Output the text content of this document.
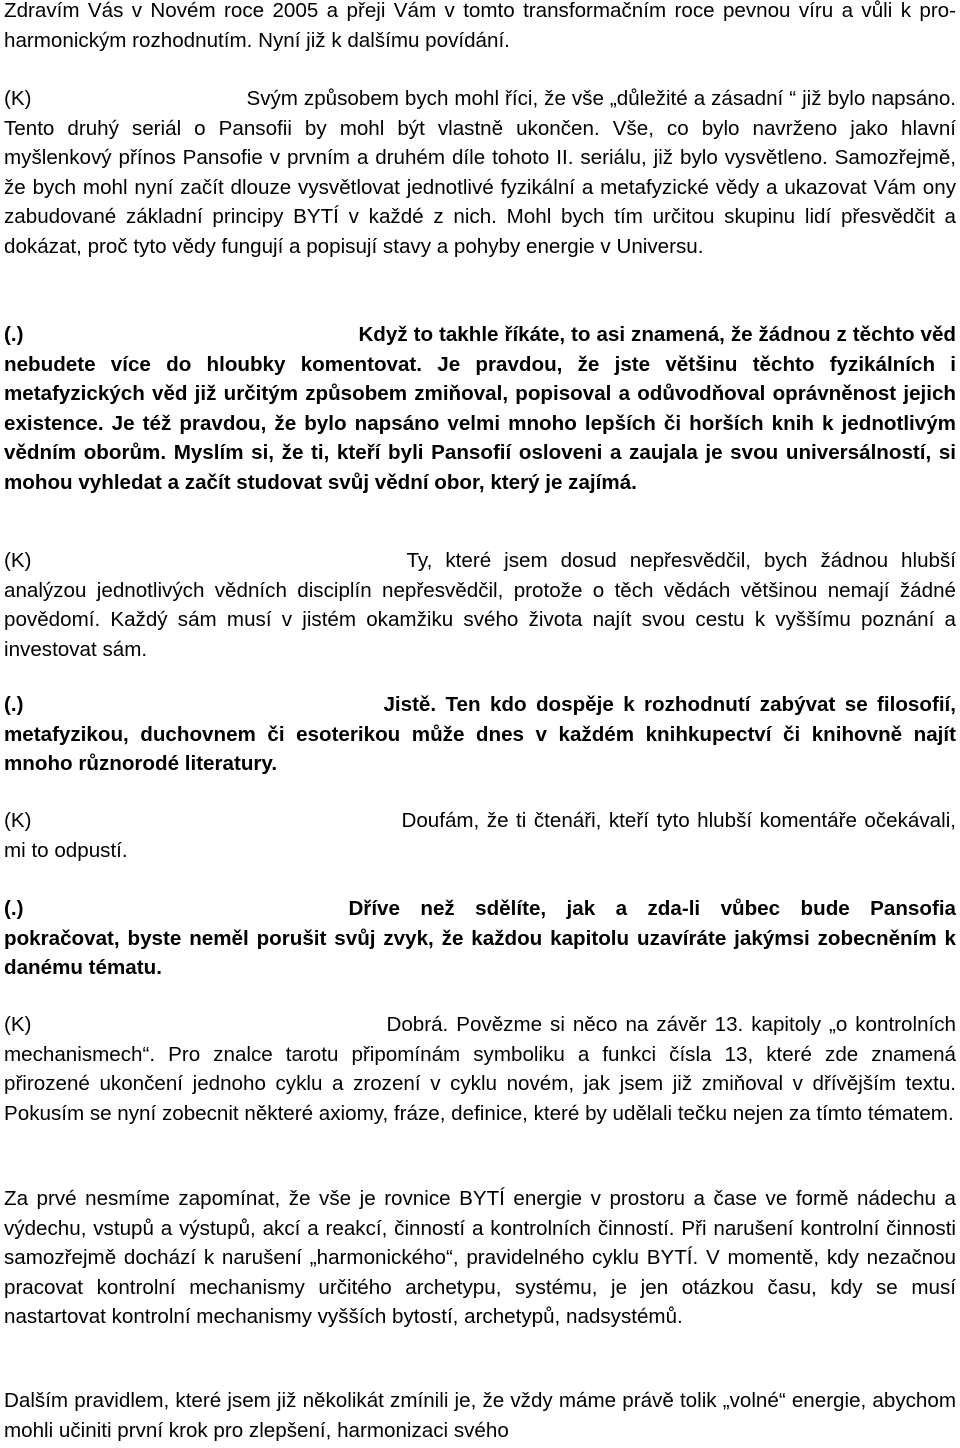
Zdravím Vás v Novém roce 2005 a přeji Vám v tomto transformačním roce pevnou víru a vůli k pro-harmonickým rozhodnutím. Nyní již k dalšímu povídání.

(K)	Svým způsobem bych mohl říci, že vše „důležité a zásadní “ již bylo napsáno. Tento druhý seriál o Pansofii by mohl být vlastně ukončen. Vše, co bylo navrženo jako hlavní myšlenkový přínos Pansofie v prvním a druhém díle tohoto II. seriálu, již bylo vysvětleno. Samozřejmě, že bych mohl nyní začít dlouze vysvětlovat jednotlivé fyzikální a metafyzické vědy a ukazovat Vám ony zabudované základní principy BYTÍ v každé z nich. Mohl bych tím určitou skupinu lidí přesvědčit a dokázat, proč tyto vědy fungují a popisují stavy a pohyby energie v Universu.

(.)	Když to takhle říkáte, to asi znamená, že žádnou z těchto věd nebudete více do hloubky komentovat. Je pravdou, že jste většinu těchto fyzikálních i metafyzických věd již určitým způsobem zmiňoval, popisoval a odůvodňoval oprávněnost jejich existence. Je též pravdou, že bylo napsáno velmi mnoho lepších či horších knih k jednotlivým vědním oborům. Myslím si, že ti, kteří byli Pansofií osloveni a zaujala je svou universálností, si mohou vyhledat a začít studovat svůj vědní obor, který je zajímá.

(K)	Ty, které jsem dosud nepřesvědčil, bych žádnou hlubší analýzou jednotlivých vědních disciplín nepřesvědčil, protože o těch vědách většinou nemají žádné povědomí. Každý sám musí v jistém okamžiku svého života najít svou cestu k vyššímu poznání a investovat sám.

(.)	Jistě. Ten kdo dospěje k rozhodnutí zabývat se filosofií, metafyzikou, duchovnem či esoterikou může dnes v každém knihkupectví či knihovně najít mnoho různorodé literatury.

(K)	Doufám, že ti čtenáři, kteří tyto hlubší komentáře očekávali, mi to odpustí.

(.)	Dříve než sdělíte, jak a zda-li vůbec bude Pansofia pokračovat, byste neměl porušit svůj zvyk, že každou kapitolu uzavíráte jakýmsi zobecněním k danému tématu.

(K)	Dobrá. Povězme si něco na závěr 13. kapitoly „o kontrolních mechanismech“. Pro znalce tarotu připomínám symboliku a funkci čísla 13, které zde znamená přirozené ukončení jednoho cyklu a zrození v cyklu novém, jak jsem již zmiňoval v dřívějším textu. Pokusím se nyní zobecnit některé axiomy, fráze, definice, které by udělali tečku nejen za tímto tématem.

Za prvé nesmíme zapomínat, že vše je rovnice BYTÍ energie v prostoru a čase ve formě nádechu a výdechu, vstupů a výstupů, akcí a reakcí, činností a kontrolních činností. Při narušení kontrolní činnosti samozřejmě dochází k narušení „harmonického“, pravidelného cyklu BYTÍ. V momentě, kdy nezačnou pracovat kontrolní mechanismy určitého archetypu, systému, je jen otázkou času, kdy se musí nastartovat kontrolní mechanismy vyšších bytostí, archetypů, nadsystémů.

Dalším pravidlem, které jsem již několikát zmínili je, že vždy máme právě tolik „volné“ energie, abychom mohli učiniti první krok pro zlepšení, harmonizaci svého
